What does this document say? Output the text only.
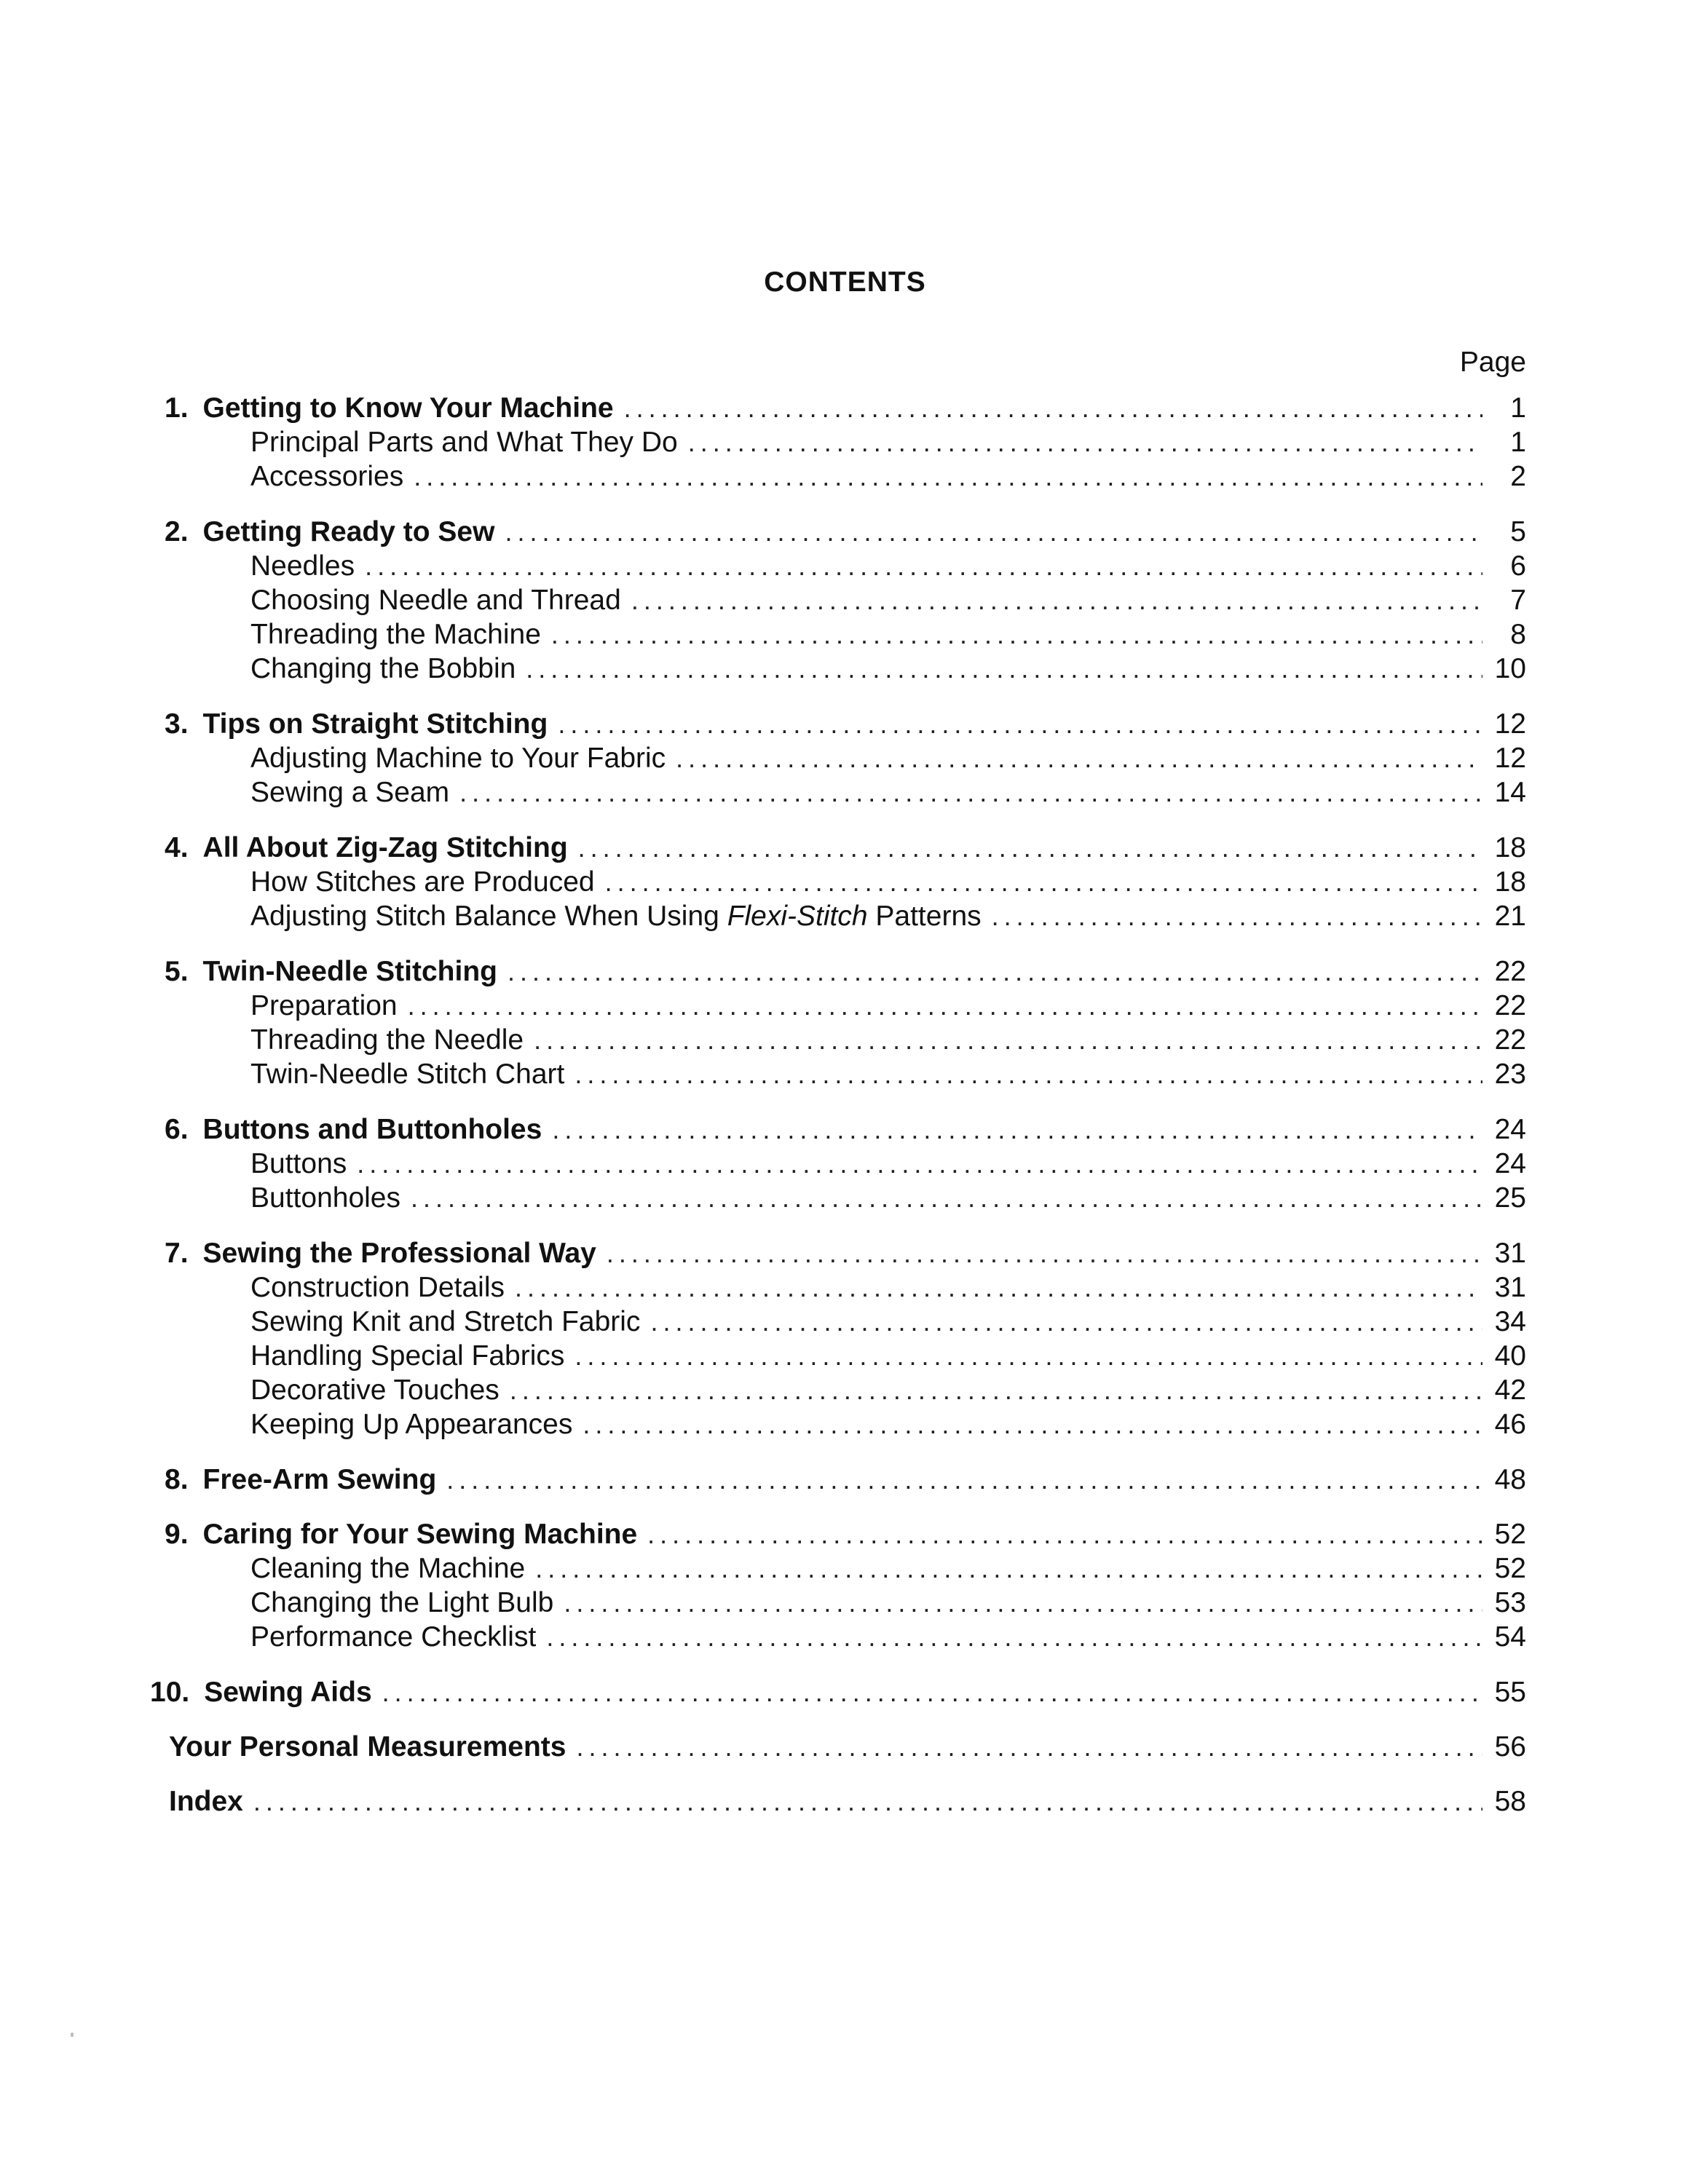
CONTENTS
Page
1. Getting to Know Your Machine .....	1
Principal Parts and What They Do .....	1
Accessories .....	2
2. Getting Ready to Sew .....	5
Needles .....	6
Choosing Needle and Thread .....	7
Threading the Machine .....	8
Changing the Bobbin .....	10
3. Tips on Straight Stitching .....	12
Adjusting Machine to Your Fabric .....	12
Sewing a Seam .....	14
4. All About Zig-Zag Stitching .....	18
How Stitches are Produced .....	18
Adjusting Stitch Balance When Using Flexi-Stitch Patterns .....	21
5. Twin-Needle Stitching .....	22
Preparation .....	22
Threading the Needle .....	22
Twin-Needle Stitch Chart .....	23
6. Buttons and Buttonholes .....	24
Buttons .....	24
Buttonholes .....	25
7. Sewing the Professional Way .....	31
Construction Details .....	31
Sewing Knit and Stretch Fabric .....	34
Handling Special Fabrics .....	40
Decorative Touches .....	42
Keeping Up Appearances .....	46
8. Free-Arm Sewing .....	48
9. Caring for Your Sewing Machine .....	52
Cleaning the Machine .....	52
Changing the Light Bulb .....	53
Performance Checklist .....	54
10. Sewing Aids .....	55
Your Personal Measurements .....	56
Index .....	58
